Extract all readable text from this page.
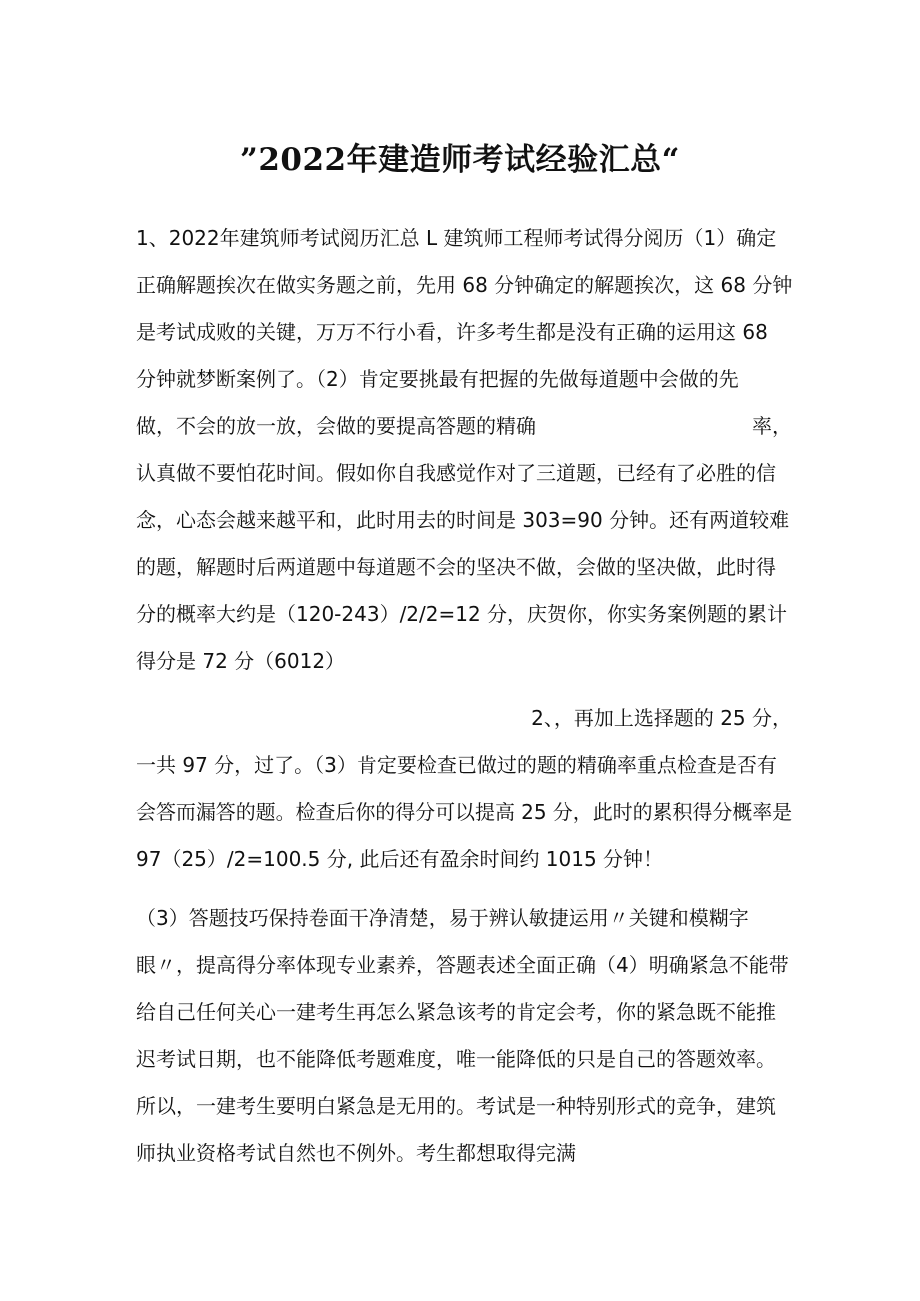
”2022年建造师考试经验汇总“
1、2022年建筑师考试阅历汇总 L 建筑师工程师考试得分阅历（1）确定
正确解题挨次在做实务题之前，先用 68 分钟确定的解题挨次，这 68 分钟
是考试成败的关键，万万不行小看，许多考生都是没有正确的运用这 68
分钟就梦断案例了。（2）肯定要挑最有把握的先做每道题中会做的先
做，不会的放一放，会做的要提高答题的精确	率，
认真做不要怕花时间。假如你自我感觉作对了三道题，已经有了必胜的信
念，心态会越来越平和，此时用去的时间是 303=90 分钟。还有两道较难
的题，解题时后两道题中每道题不会的坚决不做，会做的坚决做，此时得
分的概率大约是（120-243）/2/2=12 分，庆贺你，你实务案例题的累计
得分是 72 分（6012）
2、，再加上选择题的 25 分，
一共 97 分，过了。（3）肯定要检查已做过的题的精确率重点检查是否有
会答而漏答的题。检查后你的得分可以提高 25 分，此时的累积得分概率是
97（25）/2=100.5 分, 此后还有盈余时间约 1015 分钟！
（3）答题技巧保持卷面干净清楚，易于辨认敏捷运用〃关键和模糊字
眼〃，提高得分率体现专业素养，答题表述全面正确（4）明确紧急不能带
给自己任何关心一建考生再怎么紧急该考的肯定会考，你的紧急既不能推
迟考试日期，也不能降低考题难度，唯一能降低的只是自己的答题效率。
所以，一建考生要明白紧急是无用的。考试是一种特别形式的竞争，建筑
师执业资格考试自然也不例外。考生都想取得完满
